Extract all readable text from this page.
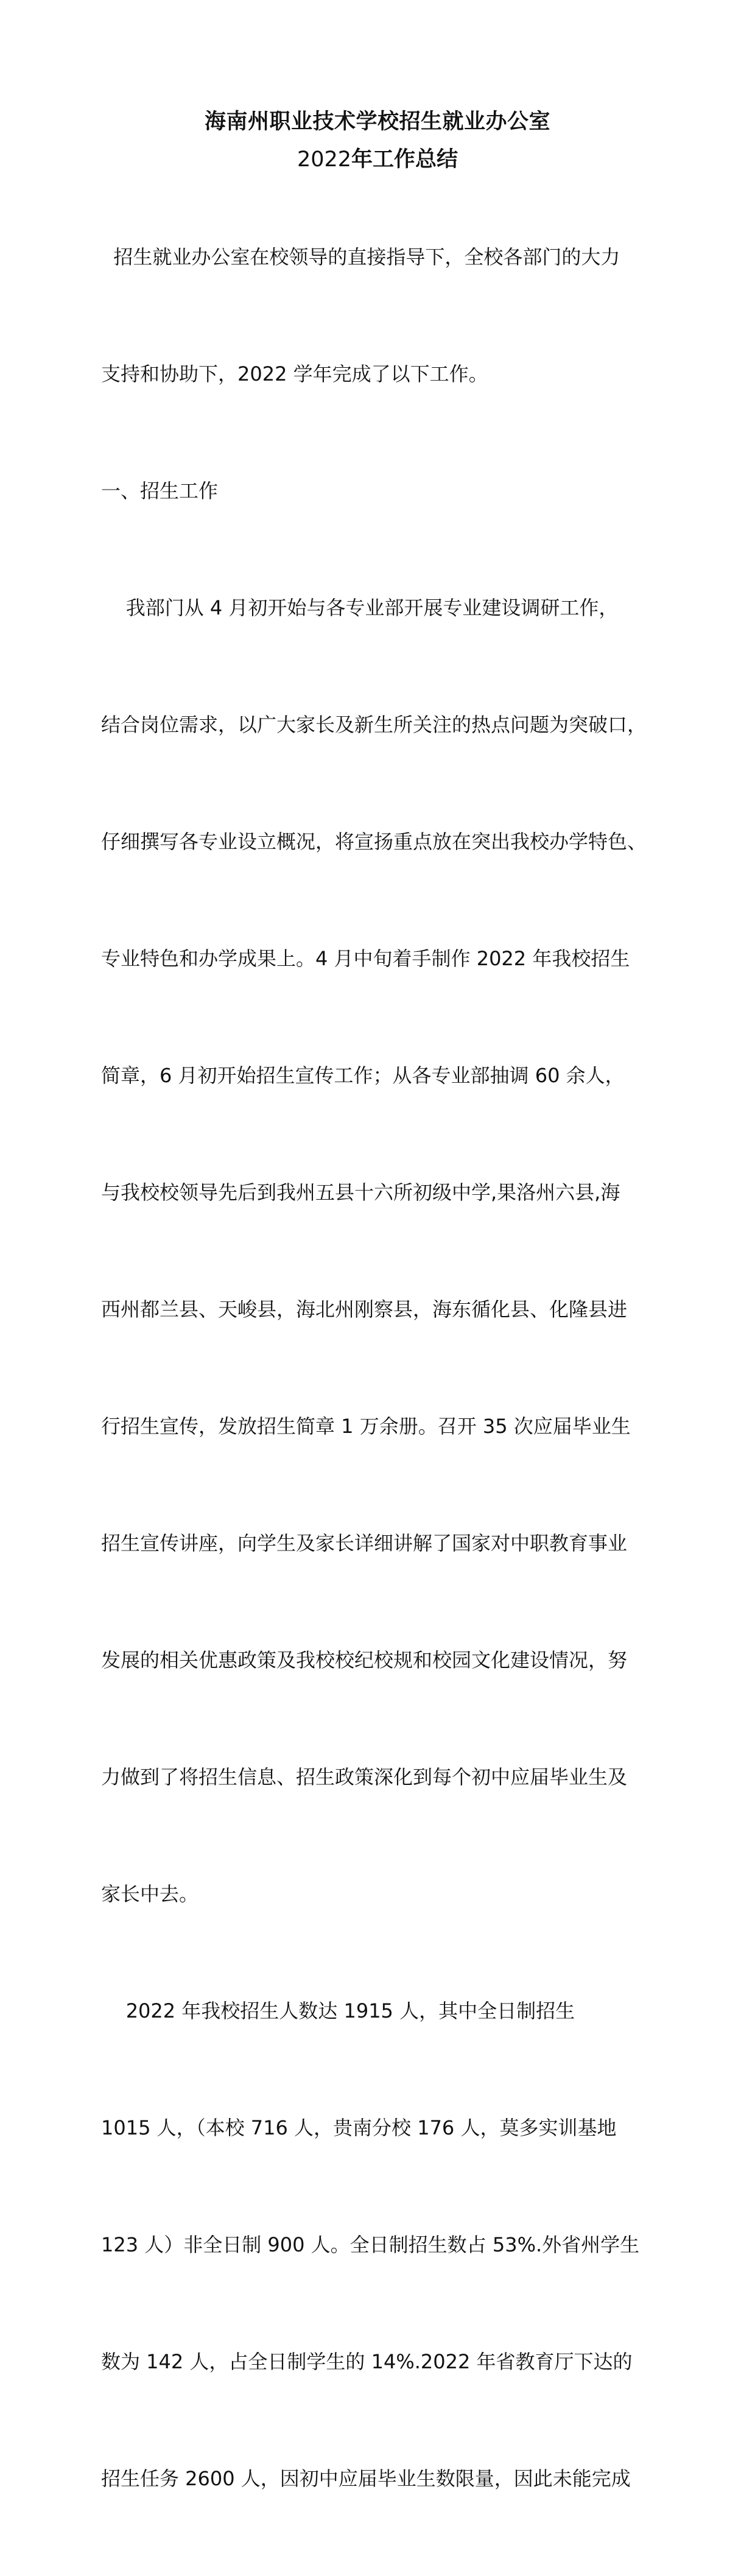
海南州职业技术学校招生就业办公室
2022年工作总结

招生就业办公室在校领导的直接指导下，全校各部门的大力

支持和协助下，2022 学年完成了以下工作。

一、招生工作

我部门从 4 月初开始与各专业部开展专业建设调研工作，

结合岗位需求，以广大家长及新生所关注的热点问题为突破口，

仔细撰写各专业设立概况，将宣扬重点放在突出我校办学特色、

专业特色和办学成果上。4 月中旬着手制作 2022 年我校招生

简章，6 月初开始招生宣传工作；从各专业部抽调 60 余人，

与我校校领导先后到我州五县十六所初级中学,果洛州六县,海

西州都兰县、天峻县，海北州刚察县，海东循化县、化隆县进

行招生宣传，发放招生简章 1 万余册。召开 35 次应届毕业生

招生宣传讲座，向学生及家长详细讲解了国家对中职教育事业

发展的相关优惠政策及我校校纪校规和校园文化建设情况，努

力做到了将招生信息、招生政策深化到每个初中应届毕业生及

家长中去。

2022 年我校招生人数达 1915 人，其中全日制招生

1015 人，（本校 716 人，贵南分校 176 人，莫多实训基地

123 人）非全日制 900 人。全日制招生数占 53%.外省州学生

数为 142 人，占全日制学生的 14%.2022 年省教育厅下达的

招生任务 2600 人，因初中应届毕业生数限量，因此未能完成
